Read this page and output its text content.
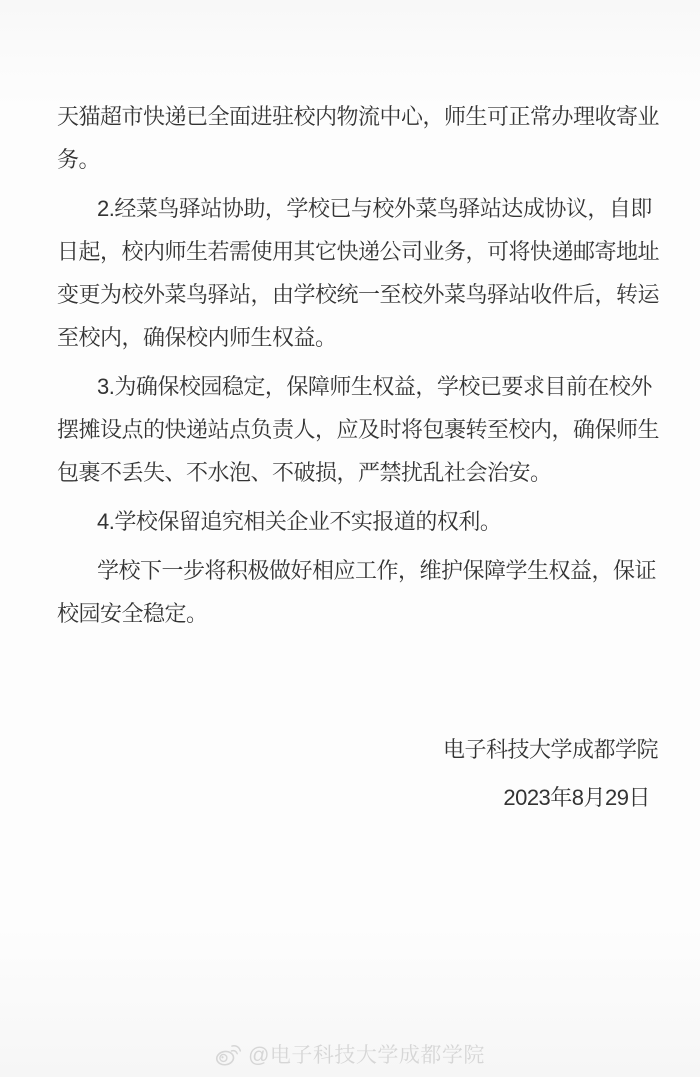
天猫超市快递已全面进驻校内物流中心，师生可正常办理收寄业
务。
2.经菜鸟驿站协助，学校已与校外菜鸟驿站达成协议，自即
日起，校内师生若需使用其它快递公司业务，可将快递邮寄地址
变更为校外菜鸟驿站，由学校统一至校外菜鸟驿站收件后，转运
至校内，确保校内师生权益。
3.为确保校园稳定，保障师生权益，学校已要求目前在校外
摆摊设点的快递站点负责人，应及时将包裹转至校内，确保师生
包裹不丢失、不水泡、不破损，严禁扰乱社会治安。
4.学校保留追究相关企业不实报道的权利。
学校下一步将积极做好相应工作，维护保障学生权益，保证
校园安全稳定。
电子科技大学成都学院
2023年8月29日
@电子科技大学成都学院
